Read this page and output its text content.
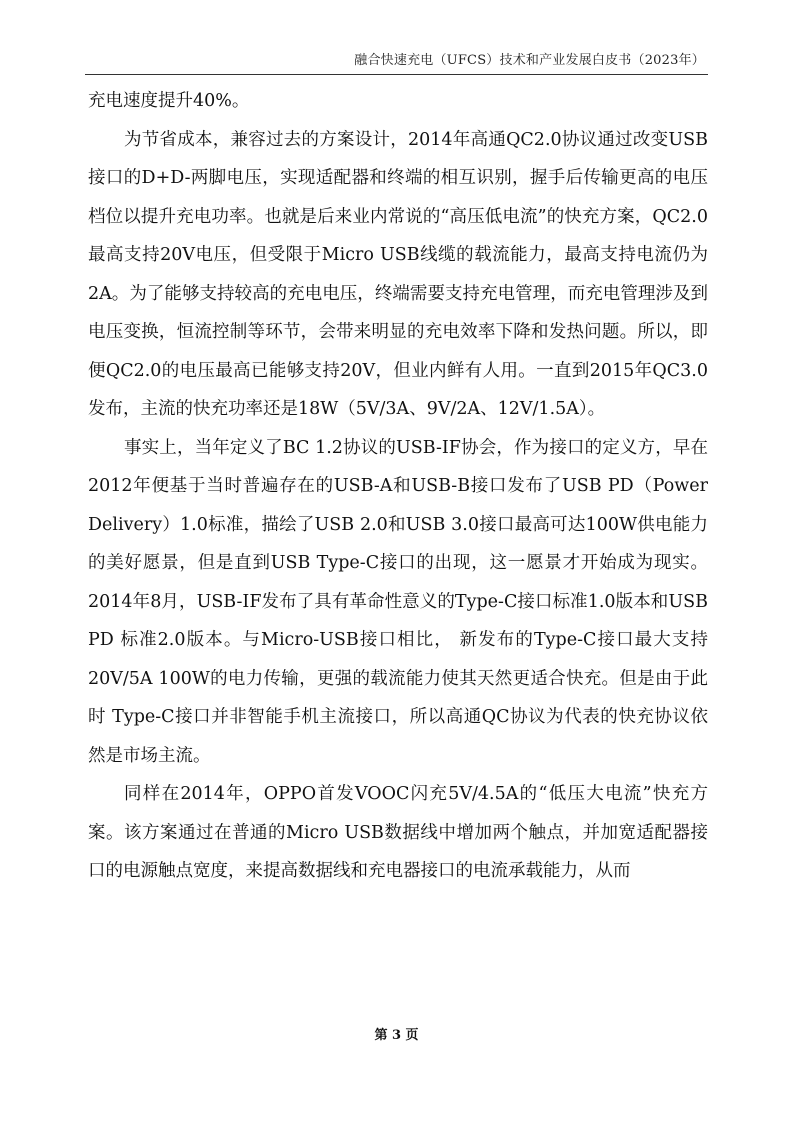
融合快速充电（UFCS）技术和产业发展白皮书（2023年）

充电速度提升40%。

为节省成本，兼容过去的方案设计，2014年高通QC2.0协议通过改变USB接口的D+D-两脚电压，实现适配器和终端的相互识别，握手后传输更高的电压档位以提升充电功率。也就是后来业内常说的“高压低电流”的快充方案，QC2.0最高支持20V电压，但受限于Micro USB线缆的载流能力，最高支持电流仍为2A。为了能够支持较高的充电电压，终端需要支持充电管理，而充电管理涉及到电压变换，恒流控制等环节，会带来明显的充电效率下降和发热问题。所以，即便QC2.0的电压最高已能够支持20V，但业内鲜有人用。一直到2015年QC3.0发布，主流的快充功率还是18W（5V/3A、9V/2A、12V/1.5A）。

事实上，当年定义了BC 1.2协议的USB-IF协会，作为接口的定义方，早在2012年便基于当时普遍存在的USB-A和USB-B接口发布了USB PD（Power Delivery）1.0标准，描绘了USB 2.0和USB 3.0接口最高可达100W供电能力的美好愿景，但是直到USB Type-C接口的出现，这一愿景才开始成为现实。2014年8月，USB-IF发布了具有革命性意义的Type-C接口标准1.0版本和USB PD 标准2.0版本。与Micro-USB接口相比， 新发布的Type-C接口最大支持20V/5A 100W的电力传输，更强的载流能力使其天然更适合快充。但是由于此时 Type-C接口并非智能手机主流接口，所以高通QC协议为代表的快充协议依然是市场主流。

同样在2014年，OPPO首发VOOC闪充5V/4.5A的“低压大电流”快充方案。该方案通过在普通的Micro USB数据线中增加两个触点，并加宽适配器接口的电源触点宽度，来提高数据线和充电器接口的电流承载能力，从而

第 3 页
